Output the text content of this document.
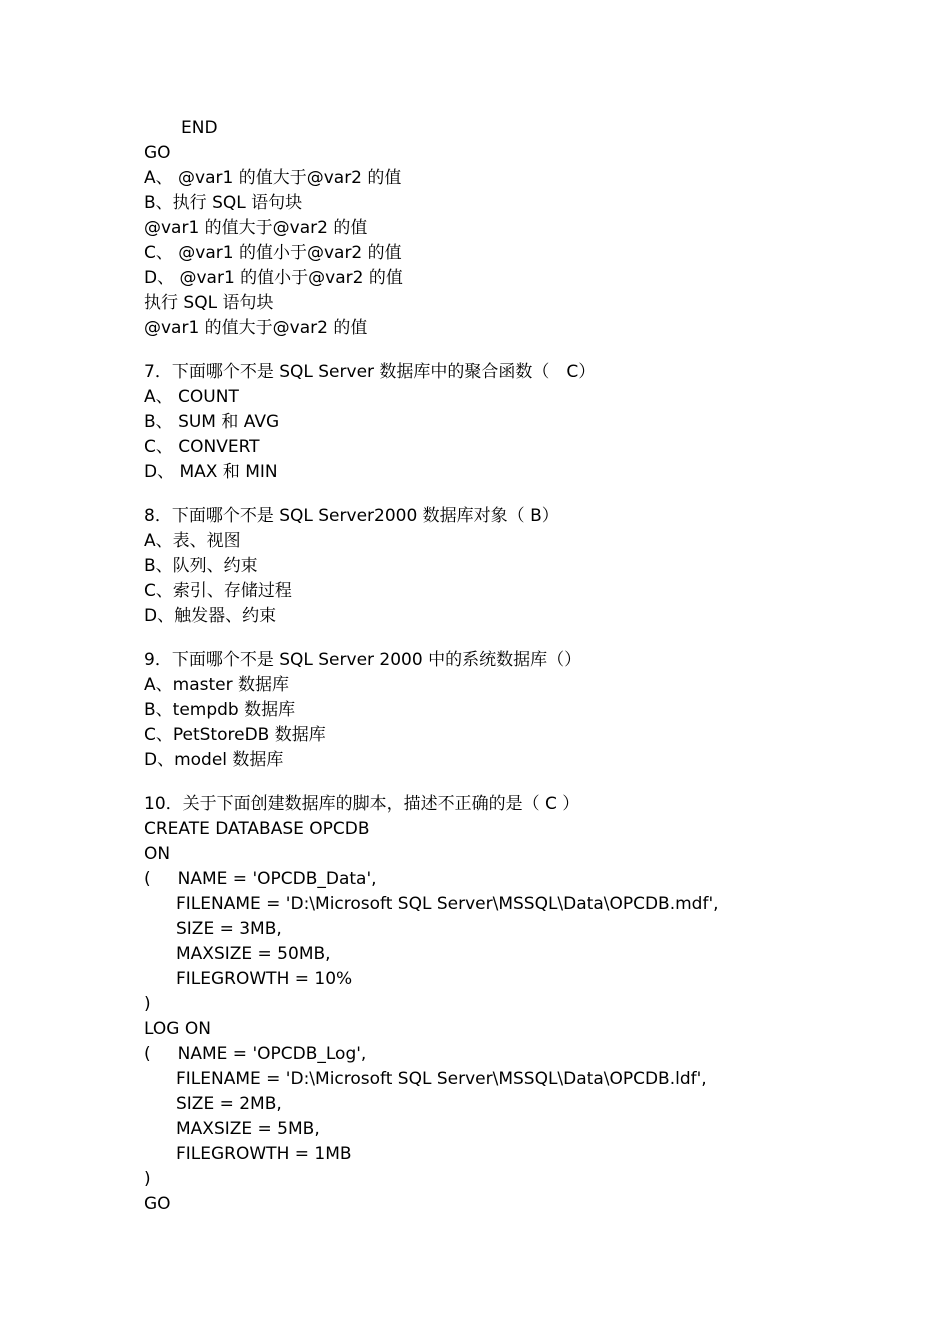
END
GO
A、 @var1 的值大于@var2 的值
B、执行 SQL 语句块
@var1 的值大于@var2 的值
C、 @var1 的值小于@var2 的值
D、 @var1 的值小于@var2 的值
执行 SQL 语句块
@var1 的值大于@var2 的值
7．下面哪个不是 SQL Server 数据库中的聚合函数（　C）
A、 COUNT
B、 SUM 和 AVG
C、 CONVERT
D、 MAX 和 MIN
8．下面哪个不是 SQL Server2000 数据库对象（ B）
A、表、视图
B、队列、约束
C、索引、存储过程
D、触发器、约束
9．下面哪个不是 SQL Server 2000 中的系统数据库（）
A、master 数据库
B、tempdb 数据库
C、PetStoreDB 数据库
D、model 数据库
10．关于下面创建数据库的脚本，描述不正确的是（ C ）
CREATE DATABASE OPCDB
ON
(     NAME = 'OPCDB_Data',
FILENAME = 'D:\Microsoft SQL Server\MSSQL\Data\OPCDB.mdf',
SIZE = 3MB,
MAXSIZE = 50MB,
FILEGROWTH = 10%
)
LOG ON
(     NAME = 'OPCDB_Log',
FILENAME = 'D:\Microsoft SQL Server\MSSQL\Data\OPCDB.ldf',
SIZE = 2MB,
MAXSIZE = 5MB,
FILEGROWTH = 1MB
)
GO
